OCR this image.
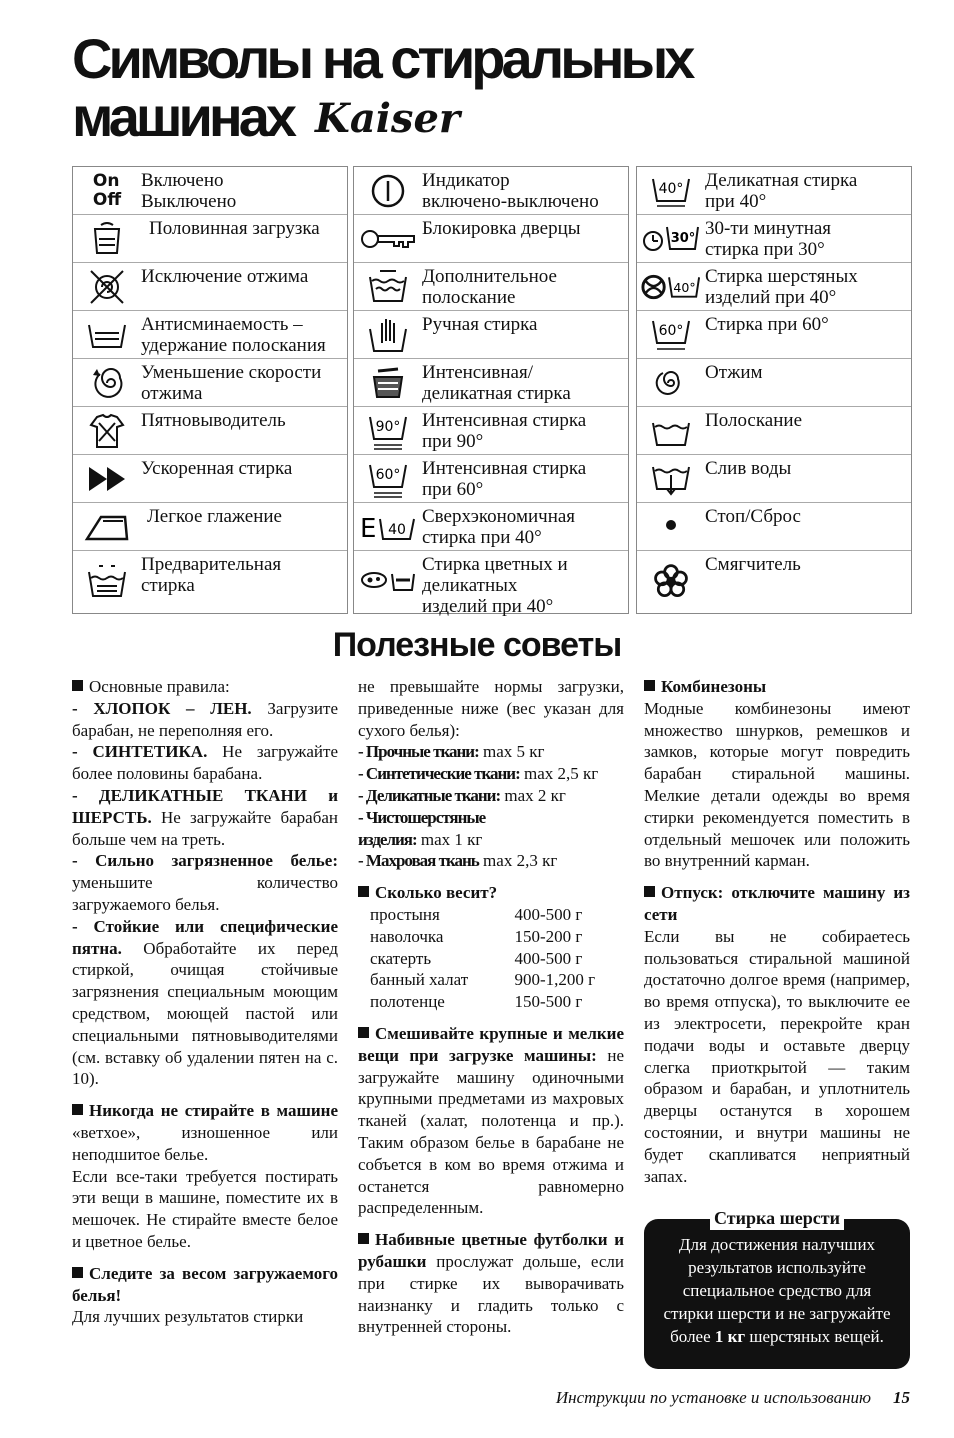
Символы на стиральных
машинах Kaiser
On
Off
Включено
Выключено
Половинная загрузка
Исключение отжима
Антисминаемость –
удержание полоскания
Уменьшение скорости
отжима
Пятновыводитель
Ускоренная стирка
Легкое глажение
Предварительная
стирка
Индикатор
включено-выключено
Блокировка дверцы
Дополнительное
полоскание
Ручная стирка
Интенсивная/
деликатная стирка
90° Интенсивная стирка
при 90°
60° Интенсивная стирка
при 60°
E 40
Сверхэкономичная
стирка при 40°
Стирка цветных и
деликатных
изделий при 40°
40° Деликатная стирка
при 40°
30° 30-ти минутная
стирка при 30°
40° Стирка шерстяных
изделий при 40°
60° Стирка при 60°
Отжим
Полоскание
Слив воды
Стоп/Сброс
Смягчитель
Полезные советы

Основные правила:

- ХЛОПОК – ЛЕН. Загрузите барабан, не переполняя его.

- СИНТЕТИКА. Не загружайте более половины барабана.

- ДЕЛИКАТНЫЕ ТКАНИ и ШЕРСТЬ. Не загружайте барабан больше чем на треть.

- Сильно загрязненное белье: уменьшите количество загружаемого белья.

- Стойкие или специфические пятна. Обработайте их перед стиркой, очищая стойчивые загрязнения специальным моющим средством, моющей пастой или специальными пятновыводителями (см. вставку об удалении пятен на с. 10).

Никогда не стирайте в машине «ветхое», изношенное или неподшитое белье.

Если все-таки требуется постирать эти вещи в машине, поместите их в мешочек. Не стирайте вместе белое и цветное белье.

Следите за весом загружаемого белья!

Для лучших результатов стирки

не превышайте нормы загрузки, приведенные ниже (вес указан для сухого белья):

- Прочные ткани: max 5 кг

- Синтетические ткани: max 2,5 кг

- Деликатные ткани: max 2 кг

- Чистошерстяные
изделия: max 1 кг

- Махровая ткань max 2,3 кг

Сколько весит?

простыня	400-500 г
наволочка	150-200 г
скатерть	400-500 г
банный халат	900-1,200 г
полотенце	150-500 г

Смешивайте крупные и мелкие вещи при загрузке машины: не загружайте машину одиночными крупными предметами из махровых тканей (халат, полотенца и пр.). Таким образом белье в барабане не собъется в ком во время отжима и останется равномерно распределенным.

Набивные цветные футболки и рубашки прослужат дольше, если при стирке их выворачивать наизнанку и гладить только с внутренней стороны.

Комбинезоны

Модные комбинезоны имеют множество шнурков, ремешков и замков, которые могут повредить барабан стиральной машины. Мелкие детали одежды во время стирки рекомендуется поместить в отдельный мешочек или положить во внутренний карман.

Отпуск: отключите машину из сети

Если вы не собираетесь пользоваться стиральной машиной достаточно долгое время (например, во время отпуска), то выключите ее из электросети, перекройте кран подачи воды и оставьте дверцу слегка приоткрытой — таким образом и барабан, и уплотнитель дверцы останутся в хорошем состоянии, и внутри машины не будет скапливатся неприятный запах.

Стирка шерсти
Для достижения налучших результатов используйте специальное средство для стирки шерсти и не загружайте более 1 кг шерстяных вещей.
Инструкции по установке и использованию 15
